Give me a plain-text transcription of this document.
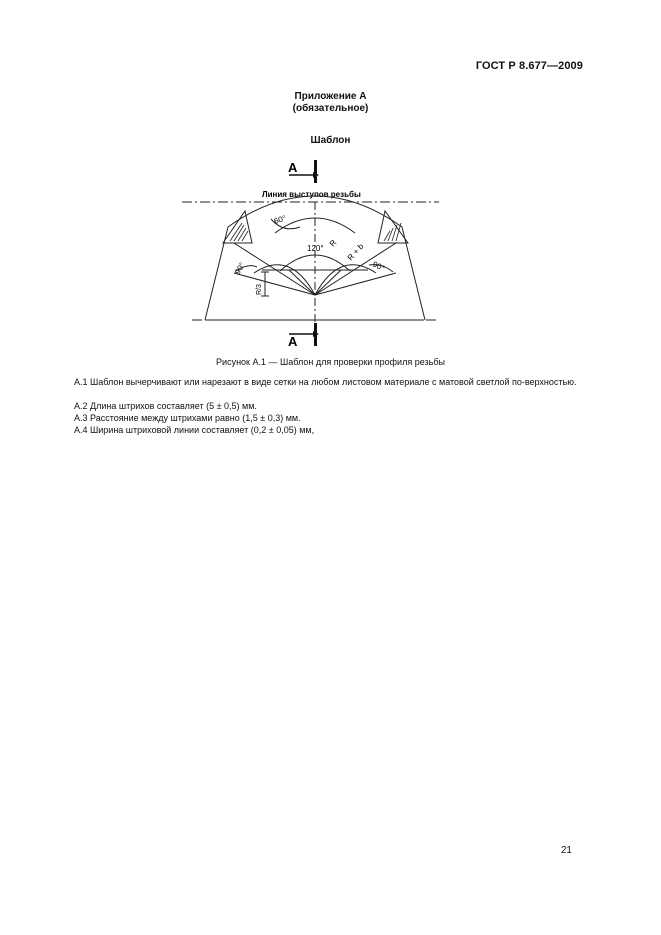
ГОСТ Р 8.677—2009
Приложение А
(обязательное)
Шаблон
А
Линия выступов резьбы
60°
120°
90°	90°
R R + b
R/3
А
Рисунок А.1 — Шаблон для проверки профиля резьбы
А.1 Шаблон вычерчивают или нарезают в виде сетки на любом листовом материале с матовой светлой по-верхностью.
А.2 Длина штрихов составляет (5 ± 0,5) мм.
А.3 Расстояние между штрихами равно (1,5 ± 0,3) мм.
А.4 Ширина штриховой линии составляет (0,2 ± 0,05) мм,
21
